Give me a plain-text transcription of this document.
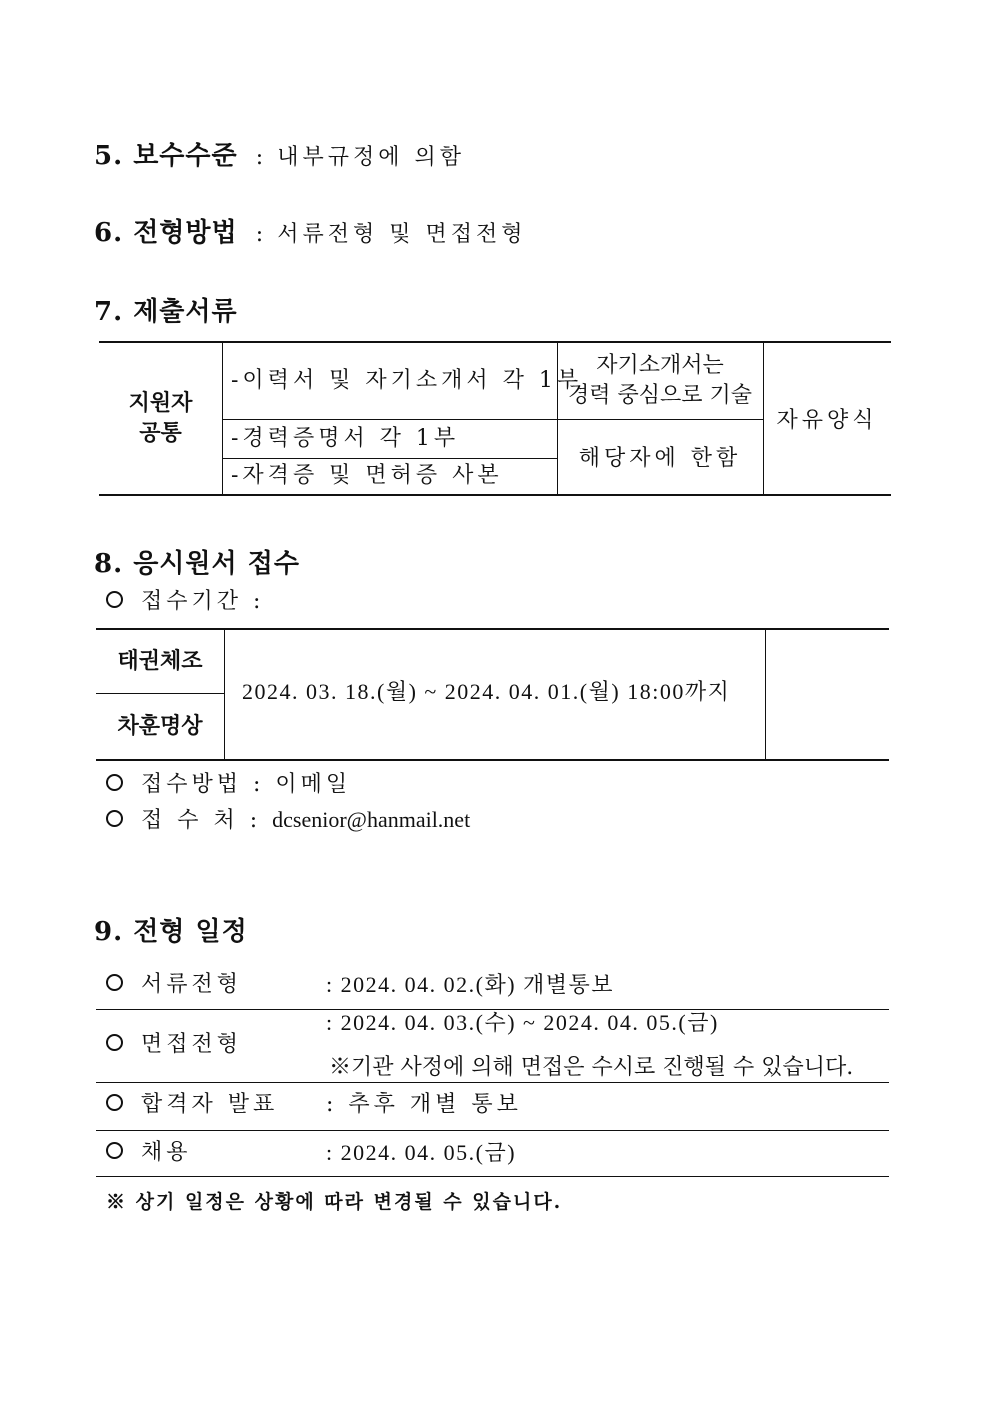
5. 보수수준 : 내부규정에 의함
6. 전형방법 : 서류전형 및 면접전형
7. 제출서류
지원자
공통
-이력서 및 자기소개서 각 1부
-경력증명서 각 1부
-자격증 및 면허증 사본
자기소개서는
경력 중심으로 기술
해당자에 한함
자유양식
8. 응시원서 접수
접수기간 :
태권체조
차훈명상
2024. 03. 18.(월) ~ 2024. 04. 01.(월) 18:00까지
접수방법 : 이메일
접 수 처 : dcsenior@hanmail.net
9. 전형 일정
서류전형	: 2024. 04. 02.(화) 개별통보
면접전형
: 2024. 04. 03.(수) ~ 2024. 04. 05.(금)
※기관 사정에 의해 면접은 수시로 진행될 수 있습니다.
합격자 발표 : 추후 개별 통보
채용	: 2024. 04. 05.(금)
※ 상기 일정은 상황에 따라 변경될 수 있습니다.
